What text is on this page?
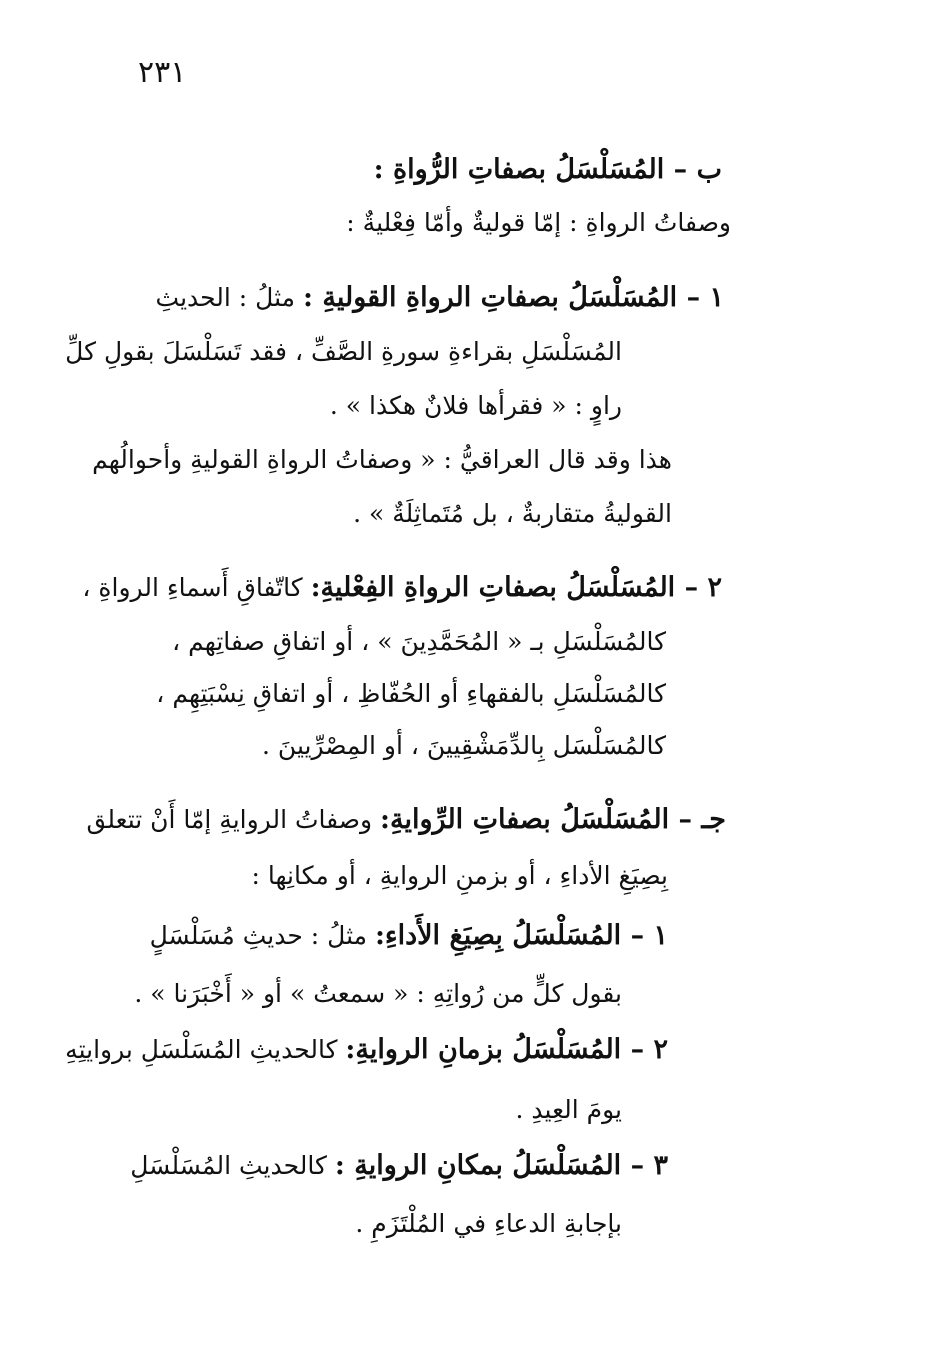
٢٣١
ب – المُسَلْسَلُ بصفاتِ الرُّواةِ :
وصفاتُ الرواةِ : إمّا قوليةٌ وأمّا فِعْليةٌ :
١ – المُسَلْسَلُ بصفاتِ الرواةِ القوليةِ : مثلُ : الحديثِ
المُسَلْسَلِ بقراءةِ سورةِ الصَّفِّ ، فقد تَسَلْسَلَ بقولِ كلِّ
راوٍ : « فقرأها فلانٌ هكذا » .
هذا وقد قال العراقيُّ : « وصفاتُ الرواةِ القوليةِ وأحوالُهم
القوليةُ متقاربةٌ ، بل مُتَماثِلَةٌ » .
٢ – المُسَلْسَلُ بصفاتِ الرواةِ الفِعْليةِ: كاتّفاقِ أَسماءِ الرواةِ ،
كالمُسَلْسَلِ بـ « المُحَمَّدِينَ » ، أو اتفاقِ صفاتِهم ،
كالمُسَلْسَلِ بالفقهاءِ أو الحُفّاظِ ، أو اتفاقِ نِسْبَتِهِم ،
كالمُسَلْسَل بِالدِّمَشْقِيينَ ، أو المِصْرِّيينَ .
جـ – المُسَلْسَلُ بصفاتِ الرِّوايةِ: وصفاتُ الروايةِ إمّا أَنْ تتعلق
بِصِيَغِ الأداءِ ، أو بزمنِ الروايةِ ، أو مكانِها :
١ – المُسَلْسَلُ بِصِيَغِ الأَداءِ: مثلُ : حديثِ مُسَلْسَلٍ
بقول كلٍّ من رُواتِهِ : « سمعتُ » أو « أَخْبَرَنا » .
٢ – المُسَلْسَلُ بزمانِ الروايةِ: كالحديثِ المُسَلْسَلِ بروايتِهِ
يومَ العِيدِ .
٣ – المُسَلْسَلُ بمكانِ الروايةِ : كالحديثِ المُسَلْسَلِ
بإجابةِ الدعاءِ في المُلْتَزَمِ .
